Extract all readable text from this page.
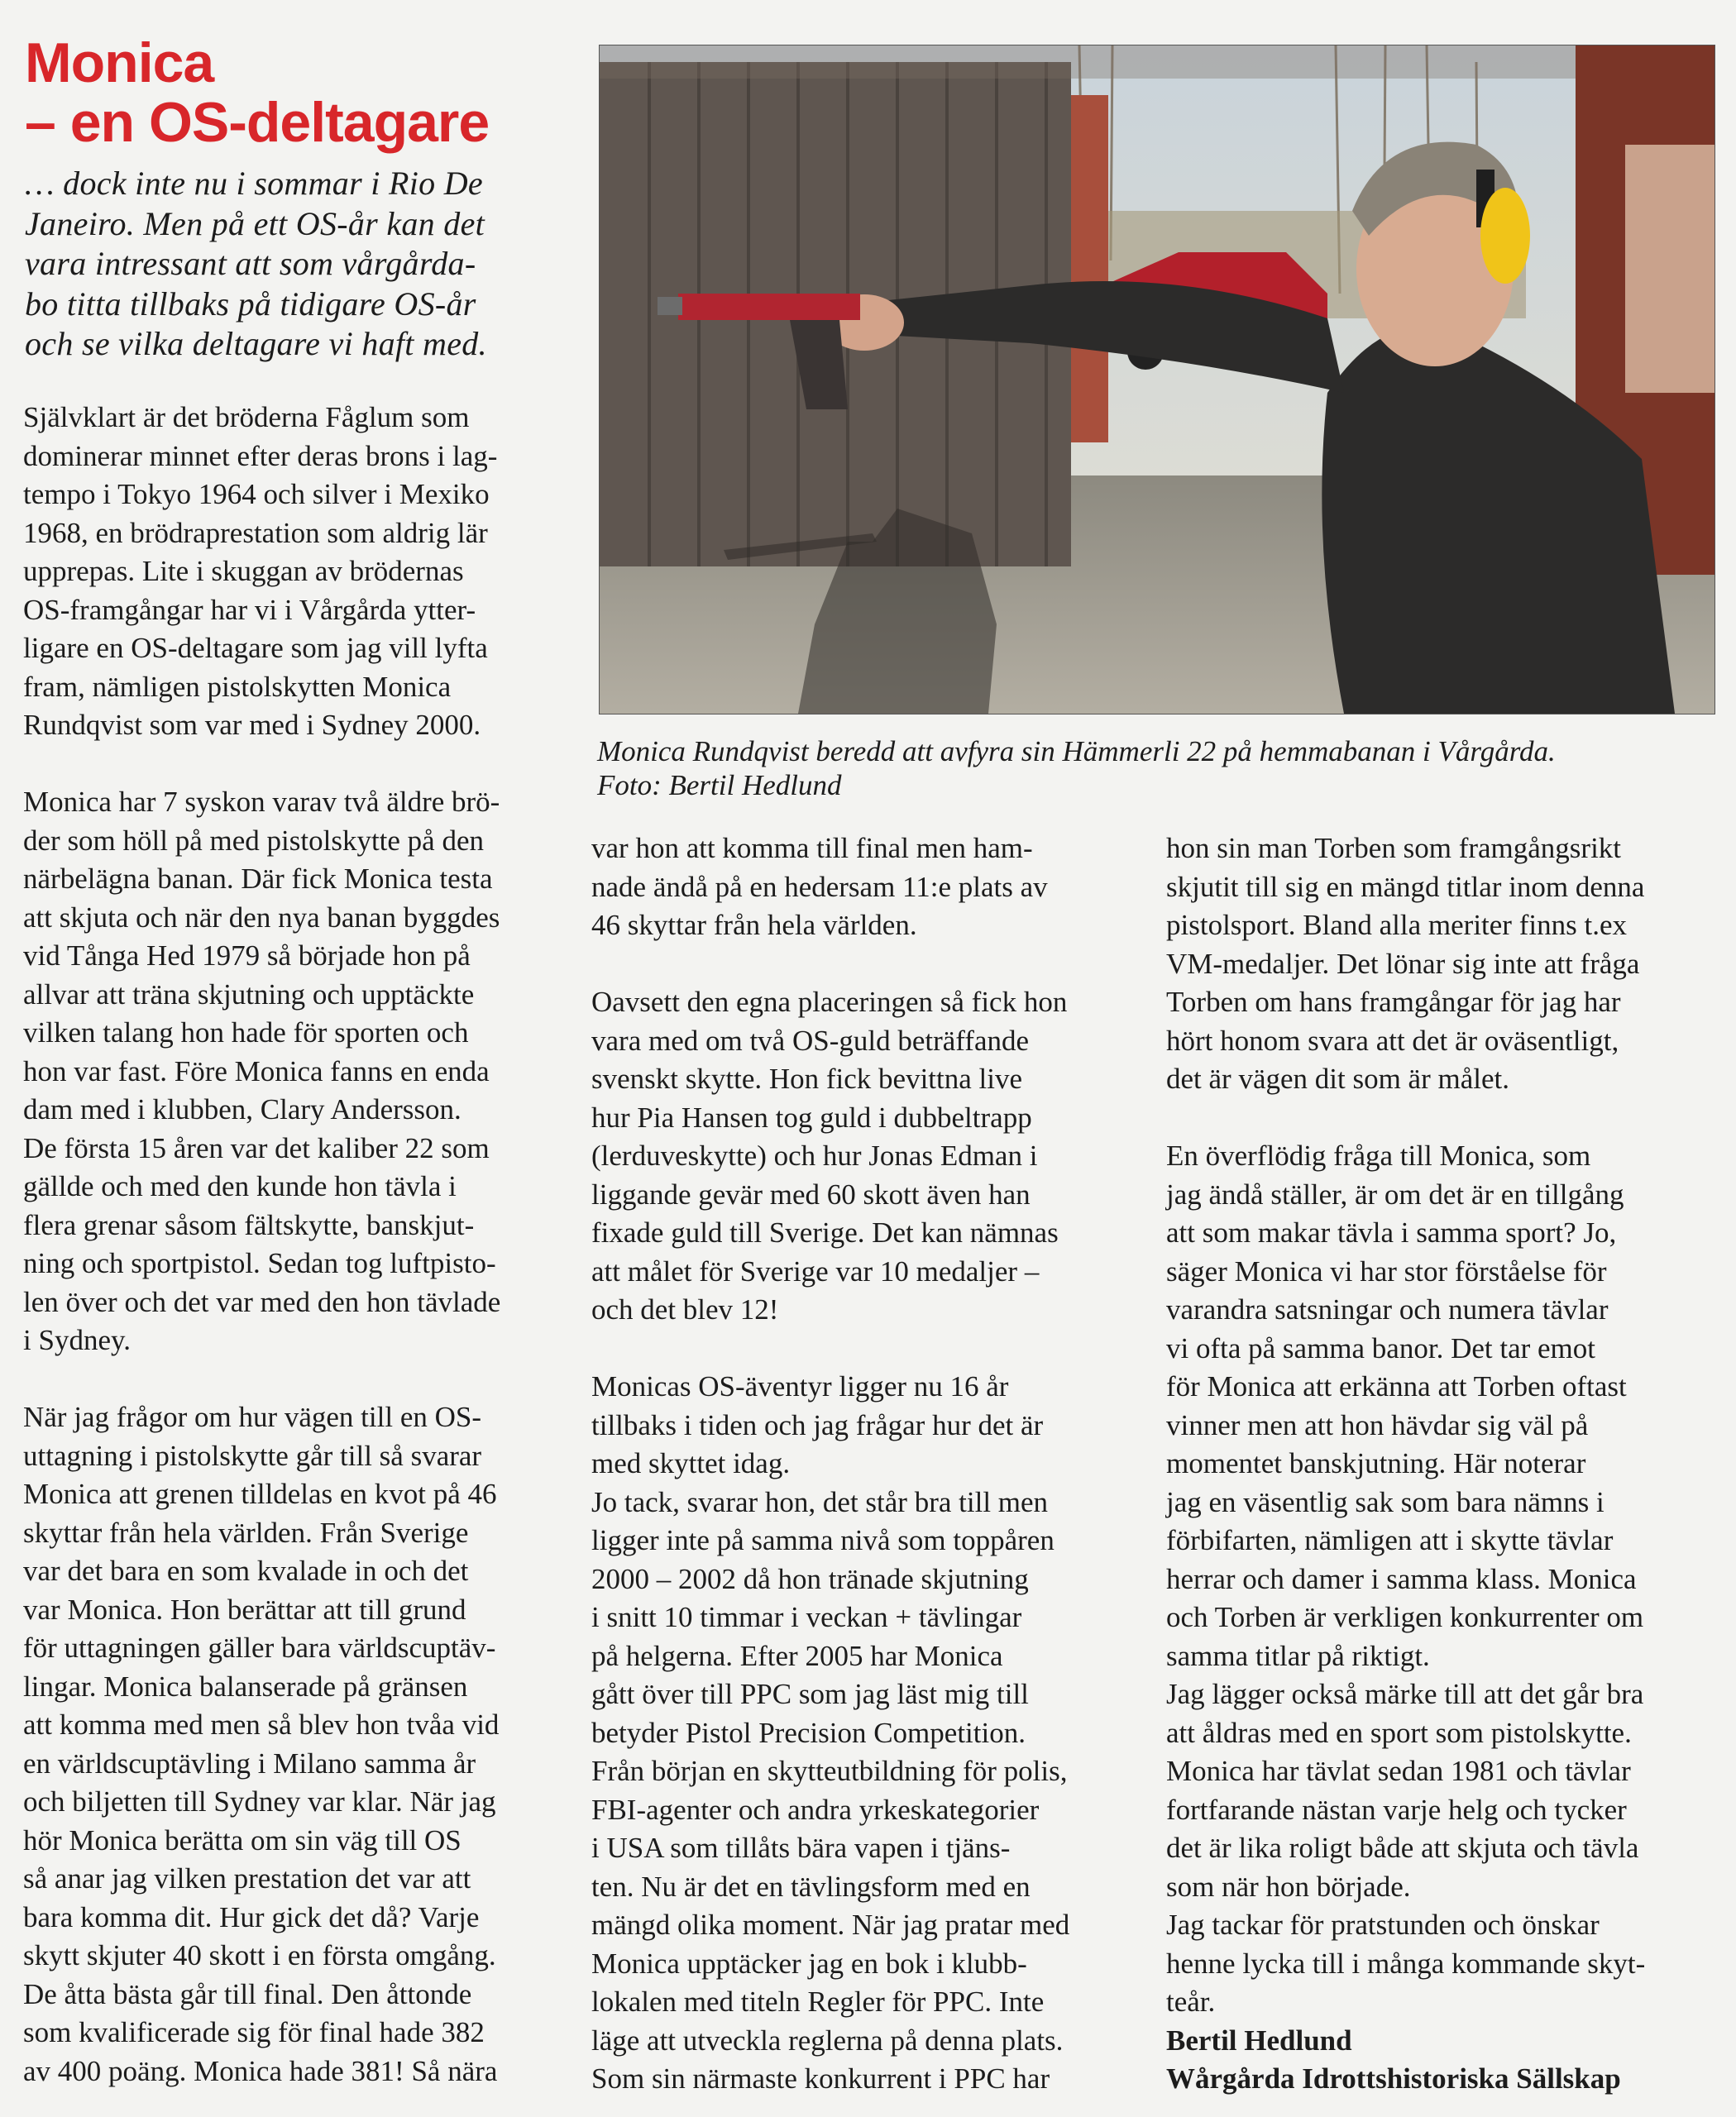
Monica
– en OS-deltagare
… dock inte nu i sommar i Rio De
Janeiro. Men på ett OS-år kan det
vara intressant att som vårgårda-
bo titta tillbaks på tidigare OS-år
och se vilka deltagare vi haft med.
Monica Rundqvist beredd att avfyra sin Hämmerli 22 på hemmabanan i Vårgårda.
Foto: Bertil Hedlund
Självklart är det bröderna Fåglum som
dominerar minnet efter deras brons i lag-
tempo i Tokyo 1964 och silver i Mexiko
1968, en brödraprestation som aldrig lär
upprepas. Lite i skuggan av brödernas
OS-framgångar har vi i Vårgårda ytter-
ligare en OS-deltagare som jag vill lyfta
fram, nämligen pistolskytten Monica
Rundqvist som var med i Sydney 2000.
Monica har 7 syskon varav två äldre brö-
der som höll på med pistolskytte på den
närbelägna banan. Där fick Monica testa
att skjuta och när den nya banan byggdes
vid Tånga Hed 1979 så började hon på
allvar att träna skjutning och upptäckte
vilken talang hon hade för sporten och
hon var fast. Före Monica fanns en enda
dam med i klubben, Clary Andersson.
De första 15 åren var det kaliber 22 som
gällde och med den kunde hon tävla i
flera grenar såsom fältskytte, banskjut-
ning och sportpistol. Sedan tog luftpisto-
len över och det var med den hon tävlade
i Sydney.
När jag frågor om hur vägen till en OS-
uttagning i pistolskytte går till så svarar
Monica att grenen tilldelas en kvot på 46
skyttar från hela världen. Från Sverige
var det bara en som kvalade in och det
var Monica. Hon berättar att till grund
för uttagningen gäller bara världscuptäv-
lingar. Monica balanserade på gränsen
att komma med men så blev hon tvåa vid
en världscuptävling i Milano samma år
och biljetten till Sydney var klar. När jag
hör Monica berätta om sin väg till OS
så anar jag vilken prestation det var att
bara komma dit. Hur gick det då? Varje
skytt skjuter 40 skott i en första omgång.
De åtta bästa går till final. Den åttonde
som kvalificerade sig för final hade 382
av 400 poäng. Monica hade 381! Så nära
var hon att komma till final men ham-
nade ändå på en hedersam 11:e plats av
46 skyttar från hela världen.
Oavsett den egna placeringen så fick hon
vara med om två OS-guld beträffande
svenskt skytte. Hon fick bevittna live
hur Pia Hansen tog guld i dubbeltrapp
(lerduveskytte) och hur Jonas Edman i
liggande gevär med 60 skott även han
fixade guld till Sverige. Det kan nämnas
att målet för Sverige var 10 medaljer –
och det blev 12!
Monicas OS-äventyr ligger nu 16 år
tillbaks i tiden och jag frågar hur det är
med skyttet idag.
Jo tack, svarar hon, det står bra till men
ligger inte på samma nivå som toppåren
2000 – 2002 då hon tränade skjutning
i snitt 10 timmar i veckan + tävlingar
på helgerna. Efter 2005 har Monica
gått över till PPC som jag läst mig till
betyder Pistol Precision Competition.
Från början en skytteutbildning för polis,
FBI-agenter och andra yrkeskategorier
i USA som tillåts bära vapen i tjäns-
ten. Nu är det en tävlingsform med en
mängd olika moment. När jag pratar med
Monica upptäcker jag en bok i klubb-
lokalen med titeln Regler för PPC. Inte
läge att utveckla reglerna på denna plats.
Som sin närmaste konkurrent i PPC har
hon sin man Torben som framgångsrikt
skjutit till sig en mängd titlar inom denna
pistolsport. Bland alla meriter finns t.ex
VM-medaljer. Det lönar sig inte att fråga
Torben om hans framgångar för jag har
hört honom svara att det är oväsentligt,
det är vägen dit som är målet.
En överflödig fråga till Monica, som
jag ändå ställer, är om det är en tillgång
att som makar tävla i samma sport? Jo,
säger Monica vi har stor förståelse för
varandra satsningar och numera tävlar
vi ofta på samma banor. Det tar emot
för Monica att erkänna att Torben oftast
vinner men att hon hävdar sig väl på
momentet banskjutning. Här noterar
jag en väsentlig sak som bara nämns i
förbifarten, nämligen att i skytte tävlar
herrar och damer i samma klass. Monica
och Torben är verkligen konkurrenter om
samma titlar på riktigt.
Jag lägger också märke till att det går bra
att åldras med en sport som pistolskytte.
Monica har tävlat sedan 1981 och tävlar
fortfarande nästan varje helg och tycker
det är lika roligt både att skjuta och tävla
som när hon började.
Jag tackar för pratstunden och önskar
henne lycka till i många kommande skyt-
teår.
Bertil Hedlund
Wårgårda Idrottshistoriska Sällskap
